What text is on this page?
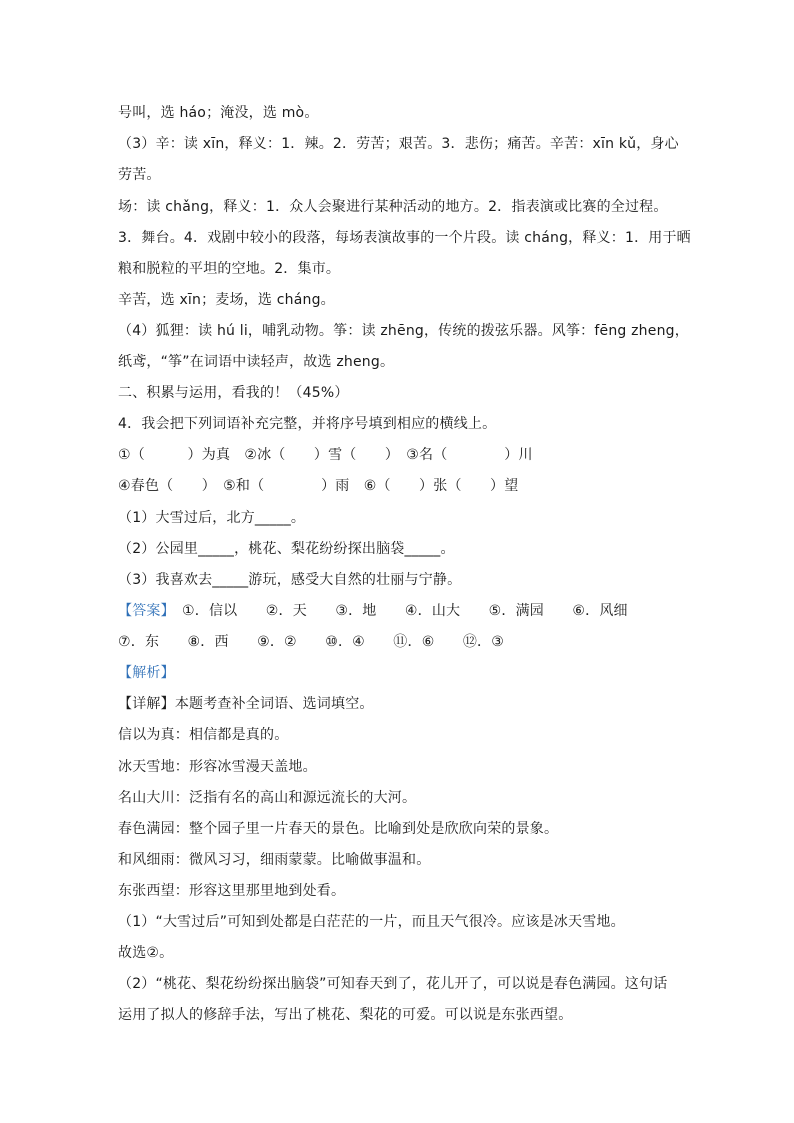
号叫，选 háo；淹没，选 mò。
（3）辛：读 xīn，释义：1．辣。2．劳苦；艰苦。3．悲伤；痛苦。辛苦：xīn kǔ，身心
劳苦。
场：读 chǎng，释义：1．众人会聚进行某种活动的地方。2．指表演或比赛的全过程。
3．舞台。4．戏剧中较小的段落，每场表演故事的一个片段。读 cháng，释义：1．用于晒
粮和脱粒的平坦的空地。2．集市。
辛苦，选 xīn；麦场，选 cháng。
（4）狐狸：读 hú li，哺乳动物。筝：读 zhēng，传统的拨弦乐器。风筝：fēng zheng，
纸鸢，“筝”在词语中读轻声，故选 zheng。
二、积累与运用，看我的！（45%）
4．我会把下列词语补充完整，并将序号填到相应的横线上。
①（　　　）为真　②冰（　　）雪（　　）　③名（　　　　）川
④春色（　　）　⑤和（　　　　）雨　⑥（　　）张（　　）望
（1）大雪过后，北方_____。
（2）公园里_____，桃花、梨花纷纷探出脑袋_____。
（3）我喜欢去_____游玩，感受大自然的壮丽与宁静。
【答案】　①．信以　　②．天　　③．地　　④．山大　　⑤．满园　　⑥．风细
⑦．东　　⑧．西　　⑨．②　　⑩．④　　⑪．⑥　　⑫．③
【解析】
【详解】本题考查补全词语、选词填空。
信以为真：相信都是真的。
冰天雪地：形容冰雪漫天盖地。
名山大川：泛指有名的高山和源远流长的大河。
春色满园：整个园子里一片春天的景色。比喻到处是欣欣向荣的景象。
和风细雨：微风习习，细雨蒙蒙。比喻做事温和。
东张西望：形容这里那里地到处看。
（1）“大雪过后”可知到处都是白茫茫的一片，而且天气很冷。应该是冰天雪地。
故选②。
（2）“桃花、梨花纷纷探出脑袋”可知春天到了，花儿开了，可以说是春色满园。这句话
运用了拟人的修辞手法，写出了桃花、梨花的可爱。可以说是东张西望。
